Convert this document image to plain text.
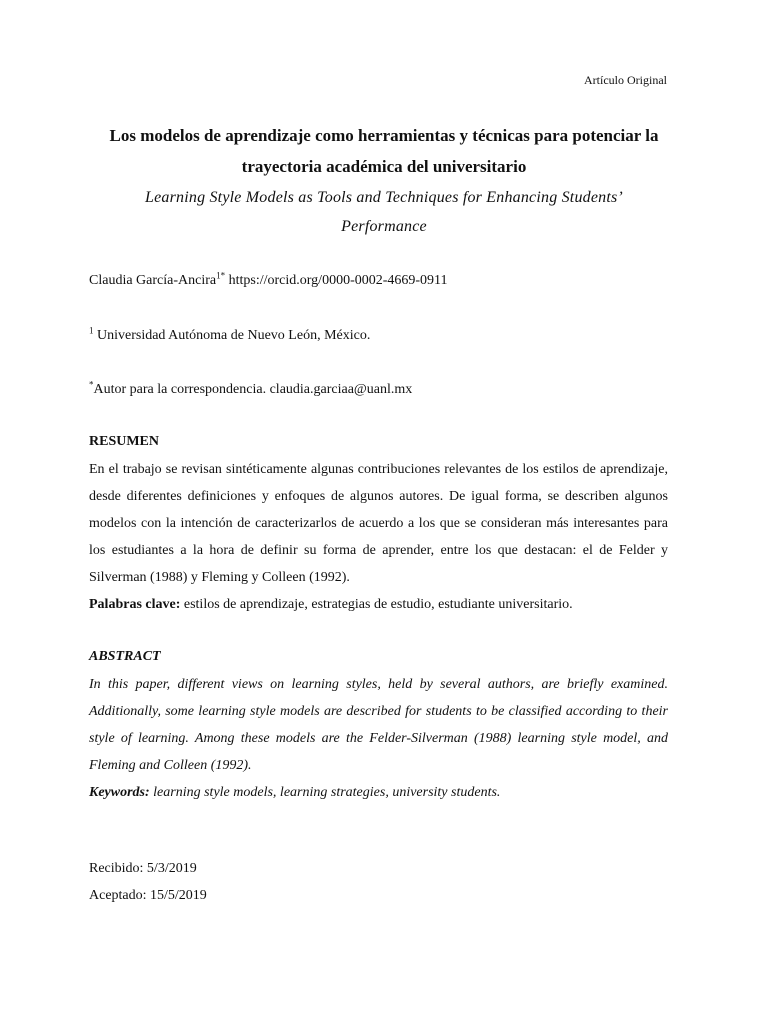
Artículo Original
Los modelos de aprendizaje como herramientas y técnicas para potenciar la
trayectoria académica del universitario
Learning Style Models as Tools and Techniques for Enhancing Students’
Performance
Claudia García-Ancira$^{1*}$ https://orcid.org/0000-0002-4669-0911
$^1$ Universidad Autónoma de Nuevo León, México.
*Autor para la correspondencia. claudia.garciaa@uanl.mx
RESUMEN
En el trabajo se revisan sintéticamente algunas contribuciones relevantes de los estilos de aprendizaje, desde diferentes definiciones y enfoques de algunos autores. De igual forma, se describen algunos modelos con la intención de caracterizarlos de acuerdo a los que se consideran más interesantes para los estudiantes a la hora de definir su forma de aprender, entre los que destacan: el de Felder y Silverman (1988) y Fleming y Colleen (1992).
Palabras clave: estilos de aprendizaje, estrategias de estudio, estudiante universitario.
ABSTRACT
In this paper, different views on learning styles, held by several authors, are briefly examined. Additionally, some learning style models are described for students to be classified according to their style of learning. Among these models are the Felder-Silverman (1988) learning style model, and Fleming and Colleen (1992).
Keywords: learning style models, learning strategies, university students.
Recibido: 5/3/2019
Aceptado: 15/5/2019
